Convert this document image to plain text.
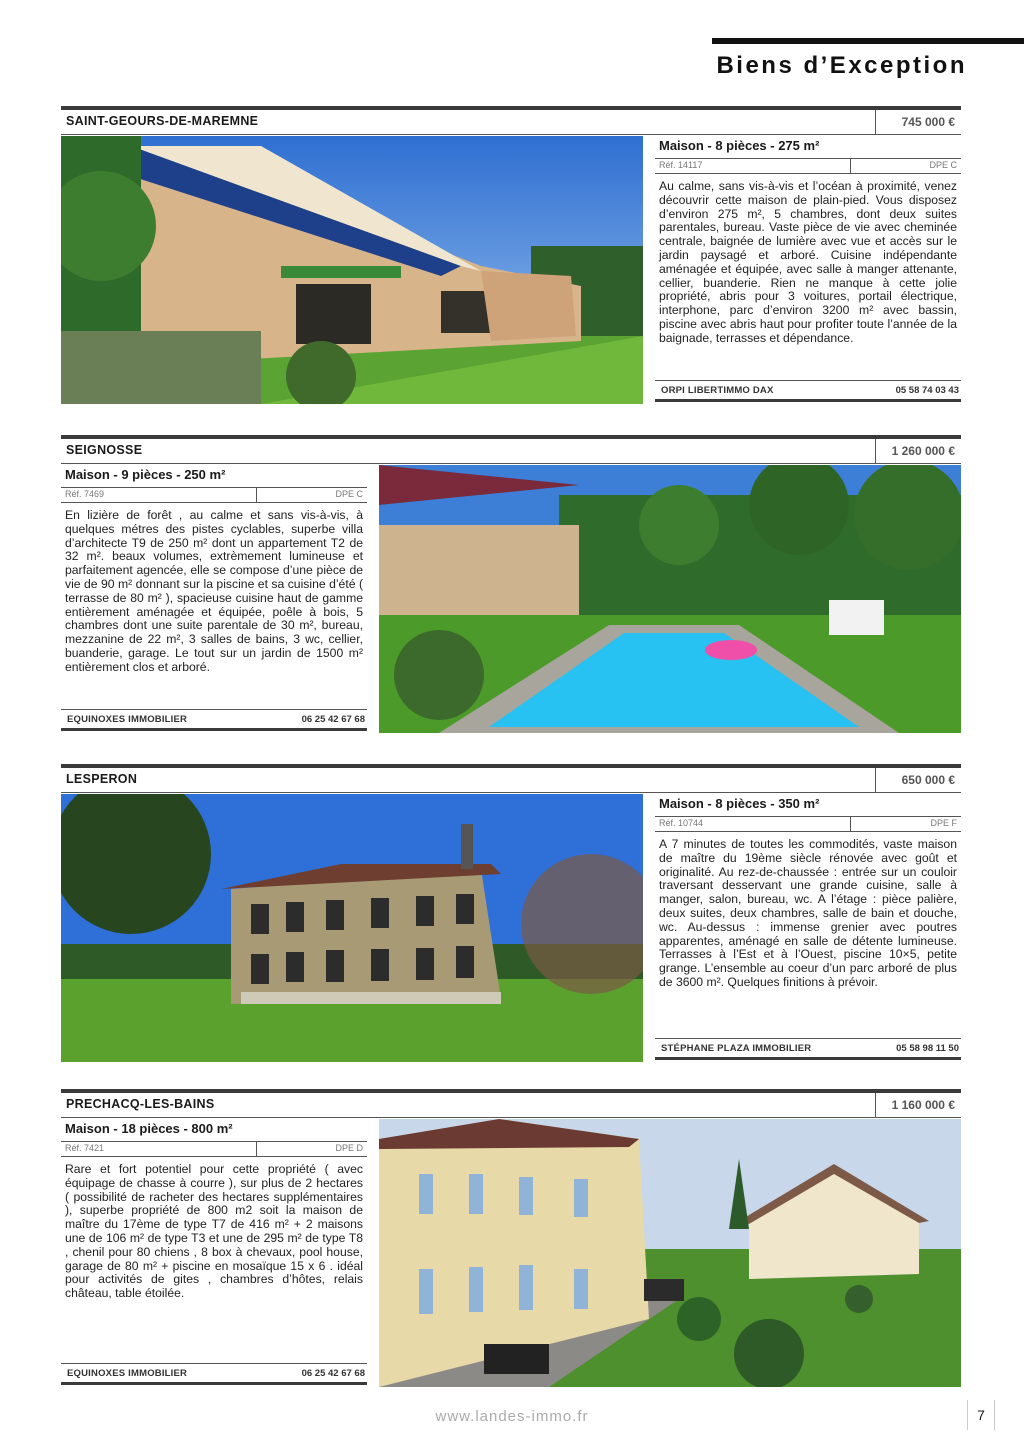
Biens d’Exception
SAINT-GEOURS-DE-MAREMNE	745 000 €
Maison - 8 pièces - 275 m²
Réf. 14117	DPE C
Au calme, sans vis-à-vis et l’océan à proximité, venez découvrir cette maison de plain-pied. Vous disposez d’environ 275 m², 5 chambres, dont deux suites parentales, bureau. Vaste pièce de vie avec cheminée centrale, baignée de lumière avec vue et accès sur le jardin paysagé et arboré. Cuisine indépendante aménagée et équipée, avec salle à manger attenante, cellier, buanderie. Rien ne manque à cette jolie propriété, abris pour 3 voitures, portail électrique, interphone, parc d’environ 3200 m² avec bassin, piscine avec abris haut pour profiter toute l’année de la baignade, terrasses et dépendance.
ORPI LIBERTIMMO DAX	05 58 74 03 43
SEIGNOSSE	1 260 000 €
Maison - 9 pièces - 250 m²
Réf. 7469	DPE C
En lizière de forêt , au calme et sans vis-à-vis, à quelques métres des pistes cyclables, superbe villa d’architecte T9 de 250 m² dont un appartement T2 de 32 m². beaux volumes, extrèmement lumineuse et parfaitement agencée, elle se compose d’une pièce de vie de 90 m² donnant sur la piscine et sa cuisine d’été ( terrasse de 80 m² ), spacieuse cuisine haut de gamme entièrement aménagée et équipée, poêle à bois, 5 chambres dont une suite parentale de 30 m², bureau, mezzanine de 22 m², 3 salles de bains, 3 wc, cellier, buanderie, garage. Le tout sur un jardin de 1500 m² entièrement clos et arboré.
EQUINOXES IMMOBILIER	06 25 42 67 68
LESPERON	650 000 €
Maison - 8 pièces - 350 m²
Réf. 10744	DPE F
A 7 minutes de toutes les commodités, vaste maison de maître du 19ème siècle rénovée avec goût et originalité. Au rez-de-chaussée : entrée sur un couloir traversant desservant une grande cuisine, salle à manger, salon, bureau, wc. A l’étage : pièce palière, deux suites, deux chambres, salle de bain et douche, wc. Au-dessus : immense grenier avec poutres apparentes, aménagé en salle de détente lumineuse. Terrasses à l’Est et à l’Ouest, piscine 10×5, petite grange. L’ensemble au coeur d’un parc arboré de plus de 3600 m². Quelques finitions à prévoir.
STÉPHANE PLAZA IMMOBILIER	05 58 98 11 50
PRECHACQ-LES-BAINS	1 160 000 €
Maison - 18 pièces - 800 m²
Réf. 7421	DPE D
Rare et fort potentiel pour cette propriété ( avec équipage de chasse à courre ), sur plus de 2 hectares ( possibilité de racheter des hectares supplémentaires ), superbe propriété de 800 m2 soit la maison de maître du 17ème de type T7 de 416 m² + 2 maisons une de 106 m² de type T3 et une de 295 m² de type T8 , chenil pour 80 chiens , 8 box à chevaux, pool house, garage de 80 m² + piscine en mosaïque 15 x 6 . idéal pour activités de gites , chambres d’hôtes, relais château, table étoilée.
EQUINOXES IMMOBILIER	06 25 42 67 68
www.landes-immo.fr	7
